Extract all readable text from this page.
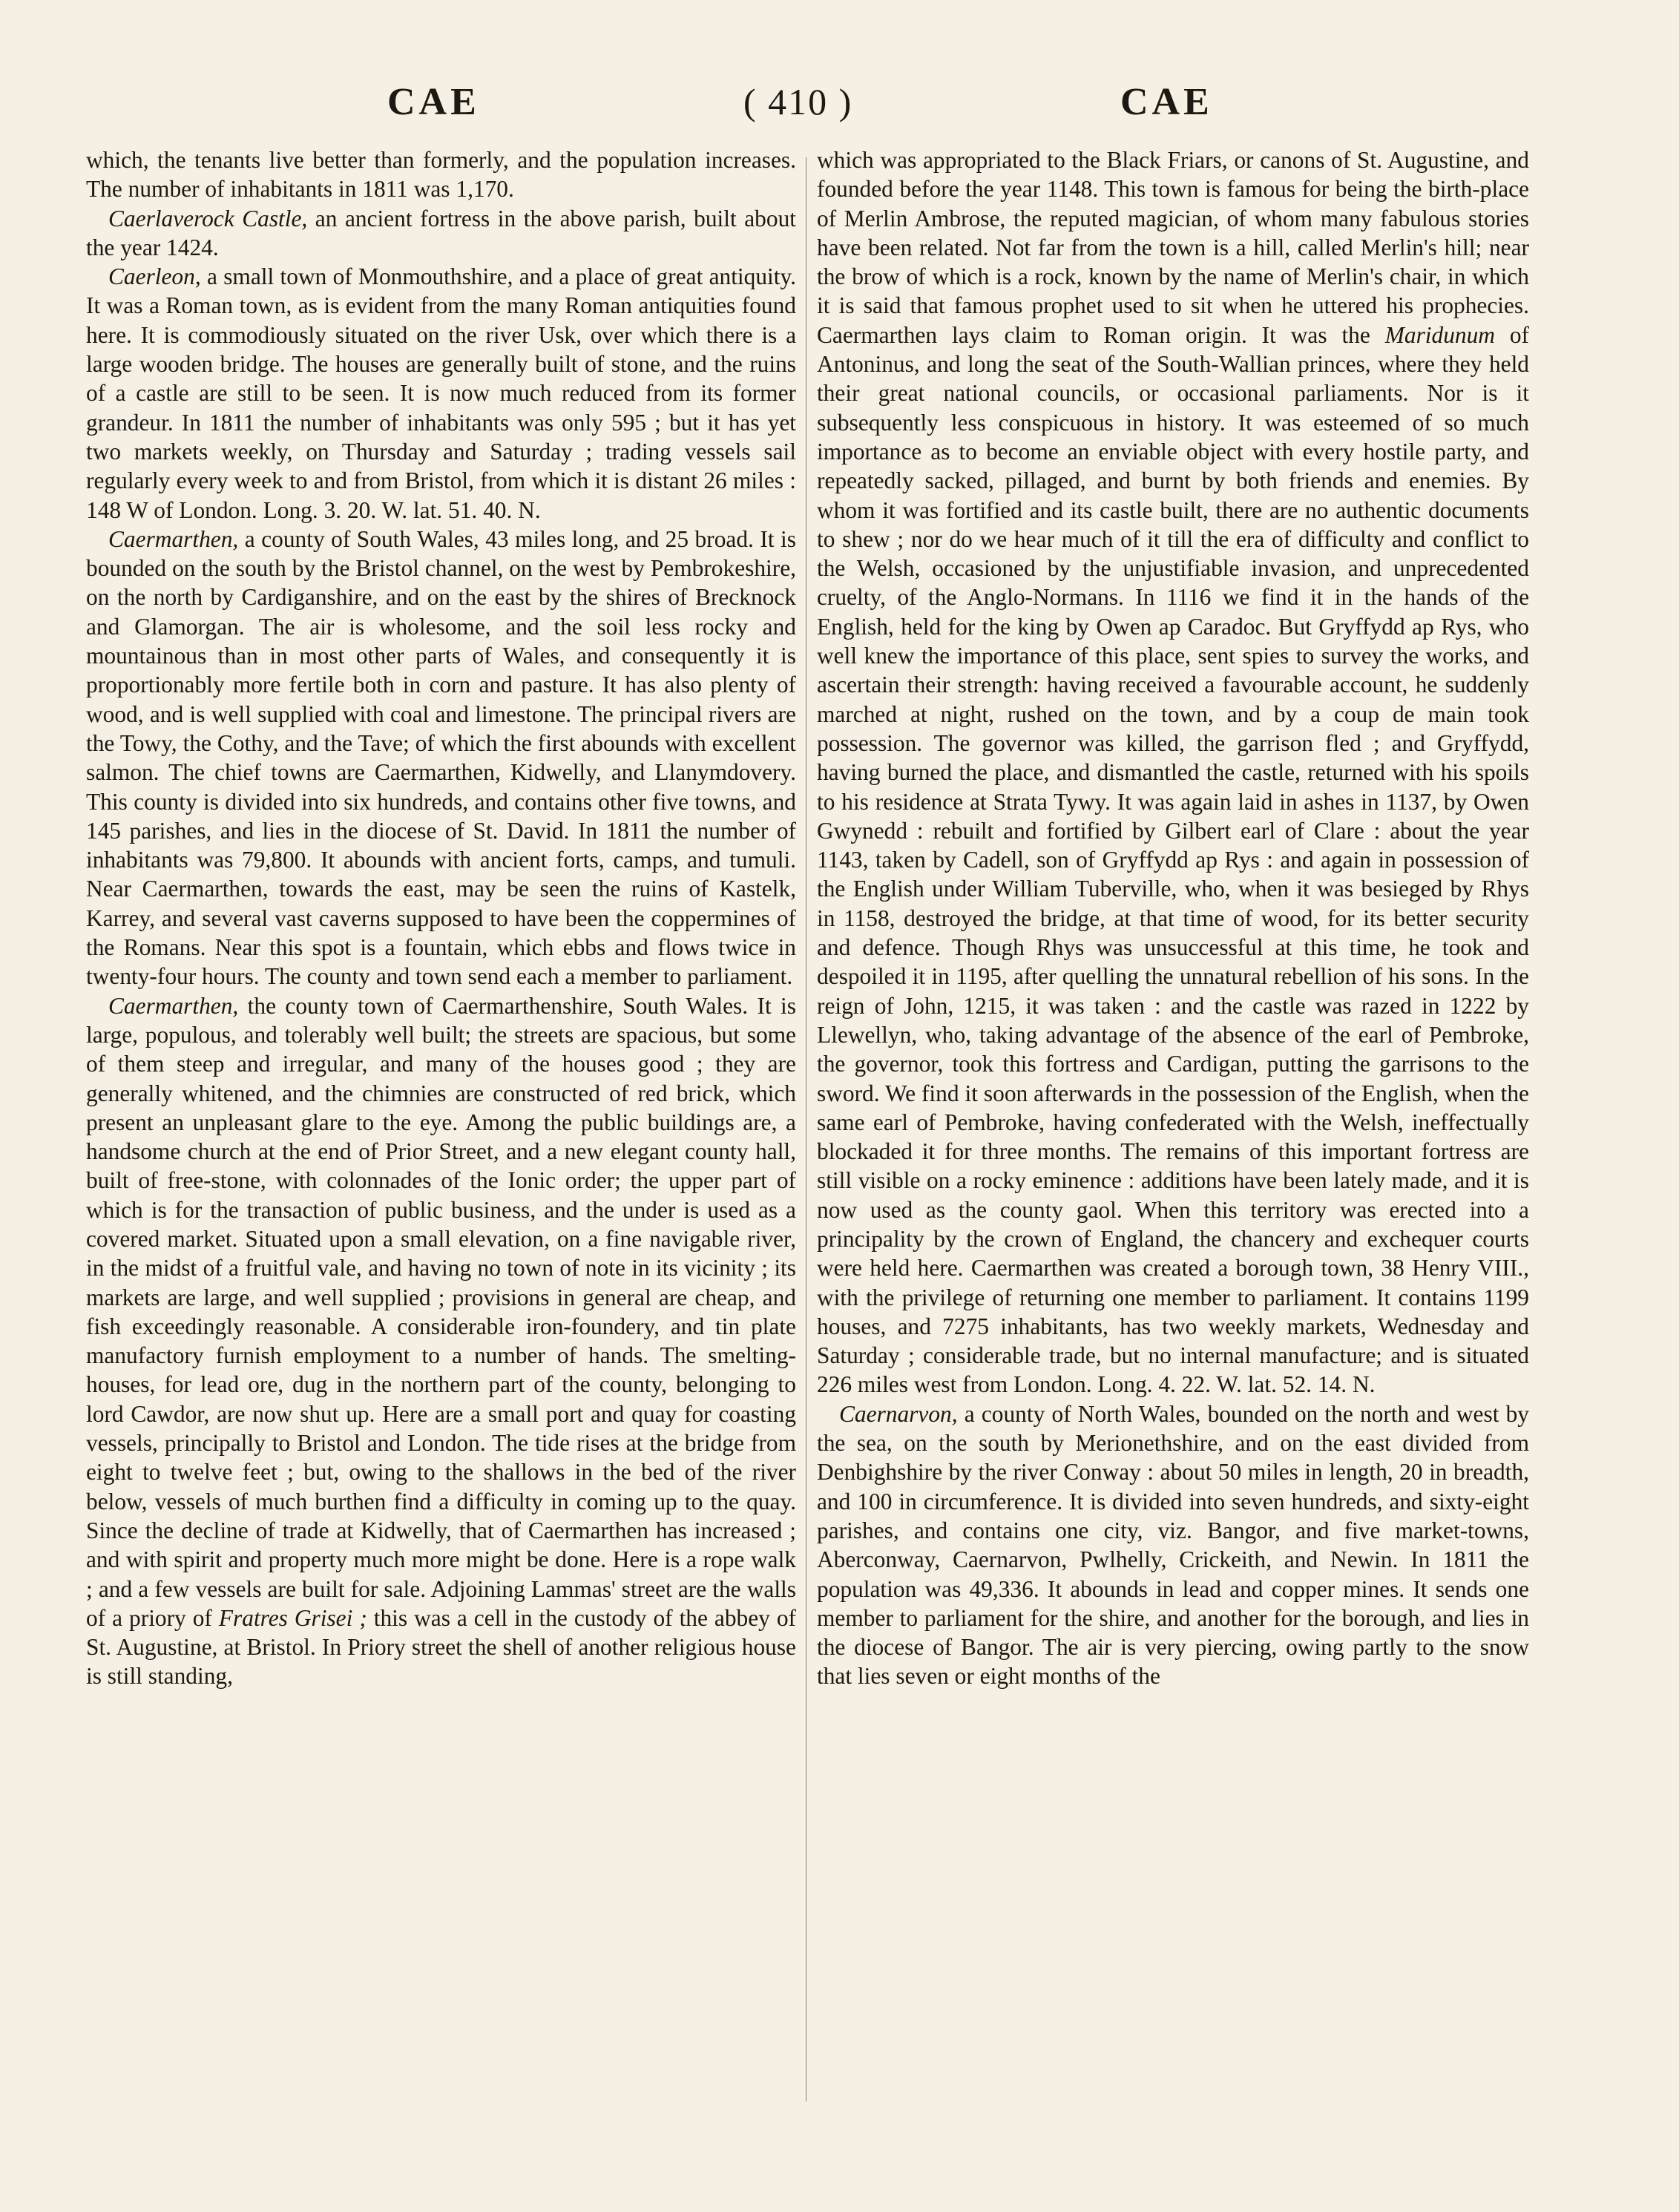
CAE	( 410 )	CAE

which, the tenants live better than formerly, and the population increases. The number of inhabitants in 1811 was 1,170.

Caerlaverock Castle, an ancient fortress in the above parish, built about the year 1424.

Caerleon, a small town of Monmouthshire, and a place of great antiquity. It was a Roman town, as is evident from the many Roman antiquities found here. It is commodiously situated on the river Usk, over which there is a large wooden bridge. The houses are generally built of stone, and the ruins of a castle are still to be seen. It is now much reduced from its former grandeur. In 1811 the number of inhabitants was only 595 ; but it has yet two markets weekly, on Thursday and Saturday ; trading vessels sail regularly every week to and from Bristol, from which it is distant 26 miles : 148 W of London. Long. 3. 20. W. lat. 51. 40. N.

Caermarthen, a county of South Wales, 43 miles long, and 25 broad. It is bounded on the south by the Bristol channel, on the west by Pembrokeshire, on the north by Cardiganshire, and on the east by the shires of Brecknock and Glamorgan. The air is wholesome, and the soil less rocky and mountainous than in most other parts of Wales, and consequently it is proportionably more fertile both in corn and pasture. It has also plenty of wood, and is well supplied with coal and limestone. The principal rivers are the Towy, the Cothy, and the Tave; of which the first abounds with excellent salmon. The chief towns are Caermarthen, Kidwelly, and Llanymdovery. This county is divided into six hundreds, and contains other five towns, and 145 parishes, and lies in the diocese of St. David. In 1811 the number of inhabitants was 79,800. It abounds with ancient forts, camps, and tumuli. Near Caermarthen, towards the east, may be seen the ruins of Kastelk, Karrey, and several vast caverns supposed to have been the coppermines of the Romans. Near this spot is a fountain, which ebbs and flows twice in twenty-four hours. The county and town send each a member to parliament.

Caermarthen, the county town of Caermarthenshire, South Wales. It is large, populous, and tolerably well built; the streets are spacious, but some of them steep and irregular, and many of the houses good ; they are generally whitened, and the chimnies are constructed of red brick, which present an unpleasant glare to the eye. Among the public buildings are, a handsome church at the end of Prior Street, and a new elegant county hall, built of free-stone, with colonnades of the Ionic order; the upper part of which is for the transaction of public business, and the under is used as a covered market. Situated upon a small elevation, on a fine navigable river, in the midst of a fruitful vale, and having no town of note in its vicinity ; its markets are large, and well supplied ; provisions in general are cheap, and fish exceedingly reasonable. A considerable iron-foundery, and tin plate manufactory furnish employment to a number of hands. The smelting-houses, for lead ore, dug in the northern part of the county, belonging to lord Cawdor, are now shut up. Here are a small port and quay for coasting vessels, principally to Bristol and London. The tide rises at the bridge from eight to twelve feet ; but, owing to the shallows in the bed of the river below, vessels of much burthen find a difficulty in coming up to the quay. Since the decline of trade at Kidwelly, that of Caermarthen has increased ; and with spirit and property much more might be done. Here is a rope walk ; and a few vessels are built for sale. Adjoining Lammas' street are the walls of a priory of Fratres Grisei ; this was a cell in the custody of the abbey of St. Augustine, at Bristol. In Priory street the shell of another religious house is still standing,

which was appropriated to the Black Friars, or canons of St. Augustine, and founded before the year 1148. This town is famous for being the birth-place of Merlin Ambrose, the reputed magician, of whom many fabulous stories have been related. Not far from the town is a hill, called Merlin's hill; near the brow of which is a rock, known by the name of Merlin's chair, in which it is said that famous prophet used to sit when he uttered his prophecies. Caermarthen lays claim to Roman origin. It was the Maridunum of Antoninus, and long the seat of the South-Wallian princes, where they held their great national councils, or occasional parliaments. Nor is it subsequently less conspicuous in history. It was esteemed of so much importance as to become an enviable object with every hostile party, and repeatedly sacked, pillaged, and burnt by both friends and enemies. By whom it was fortified and its castle built, there are no authentic documents to shew ; nor do we hear much of it till the era of difficulty and conflict to the Welsh, occasioned by the unjustifiable invasion, and unprecedented cruelty, of the Anglo-Normans. In 1116 we find it in the hands of the English, held for the king by Owen ap Caradoc. But Gryffydd ap Rys, who well knew the importance of this place, sent spies to survey the works, and ascertain their strength: having received a favourable account, he suddenly marched at night, rushed on the town, and by a coup de main took possession. The governor was killed, the garrison fled ; and Gryffydd, having burned the place, and dismantled the castle, returned with his spoils to his residence at Strata Tywy. It was again laid in ashes in 1137, by Owen Gwynedd : rebuilt and fortified by Gilbert earl of Clare : about the year 1143, taken by Cadell, son of Gryffydd ap Rys : and again in possession of the English under William Tuberville, who, when it was besieged by Rhys in 1158, destroyed the bridge, at that time of wood, for its better security and defence. Though Rhys was unsuccessful at this time, he took and despoiled it in 1195, after quelling the unnatural rebellion of his sons. In the reign of John, 1215, it was taken : and the castle was razed in 1222 by Llewellyn, who, taking advantage of the absence of the earl of Pembroke, the governor, took this fortress and Cardigan, putting the garrisons to the sword. We find it soon afterwards in the possession of the English, when the same earl of Pembroke, having confederated with the Welsh, ineffectually blockaded it for three months. The remains of this important fortress are still visible on a rocky eminence : additions have been lately made, and it is now used as the county gaol. When this territory was erected into a principality by the crown of England, the chancery and exchequer courts were held here. Caermarthen was created a borough town, 38 Henry VIII., with the privilege of returning one member to parliament. It contains 1199 houses, and 7275 inhabitants, has two weekly markets, Wednesday and Saturday ; considerable trade, but no internal manufacture; and is situated 226 miles west from London. Long. 4. 22. W. lat. 52. 14. N.

Caernarvon, a county of North Wales, bounded on the north and west by the sea, on the south by Merionethshire, and on the east divided from Denbighshire by the river Conway : about 50 miles in length, 20 in breadth, and 100 in circumference. It is divided into seven hundreds, and sixty-eight parishes, and contains one city, viz. Bangor, and five market-towns, Aberconway, Caernarvon, Pwlhelly, Crickeith, and Newin. In 1811 the population was 49,336. It abounds in lead and copper mines. It sends one member to parliament for the shire, and another for the borough, and lies in the diocese of Bangor. The air is very piercing, owing partly to the snow that lies seven or eight months of the
